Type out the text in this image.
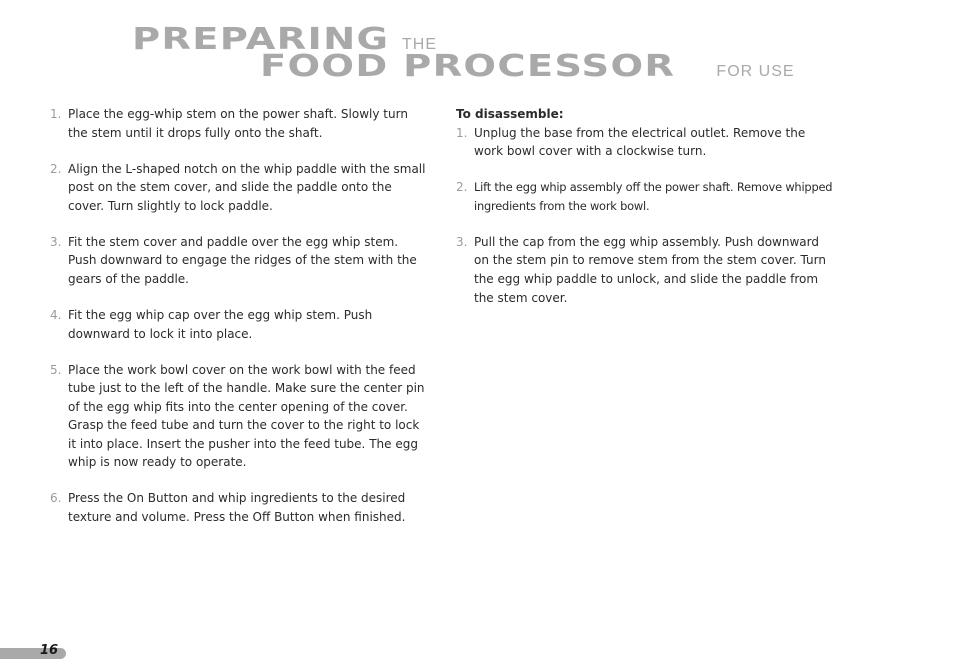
PREPARING THE
FOOD PROCESSOR	FOR USE
1. Place the egg-whip stem on the power shaft. Slowly turn the stem until it drops fully onto the shaft.
2. Align the L-shaped notch on the whip paddle with the small post on the stem cover, and slide the paddle onto the cover. Turn slightly to lock paddle.
3. Fit the stem cover and paddle over the egg whip stem. Push downward to engage the ridges of the stem with the gears of the paddle.
4. Fit the egg whip cap over the egg whip stem. Push downward to lock it into place.
5. Place the work bowl cover on the work bowl with the feed tube just to the left of the handle. Make sure the center pin of the egg whip fits into the center opening of the cover. Grasp the feed tube and turn the cover to the right to lock it into place. Insert the pusher into the feed tube. The egg whip is now ready to operate.
6. Press the On Button and whip ingredients to the desired texture and volume. Press the Off Button when finished.
To disassemble:
1. Unplug the base from the electrical outlet. Remove the work bowl cover with a clockwise turn.
2. Lift the egg whip assembly off the power shaft. Remove whipped ingredients from the work bowl.
3. Pull the cap from the egg whip assembly. Push downward on the stem pin to remove stem from the stem cover. Turn the egg whip paddle to unlock, and slide the paddle from the stem cover.
16
